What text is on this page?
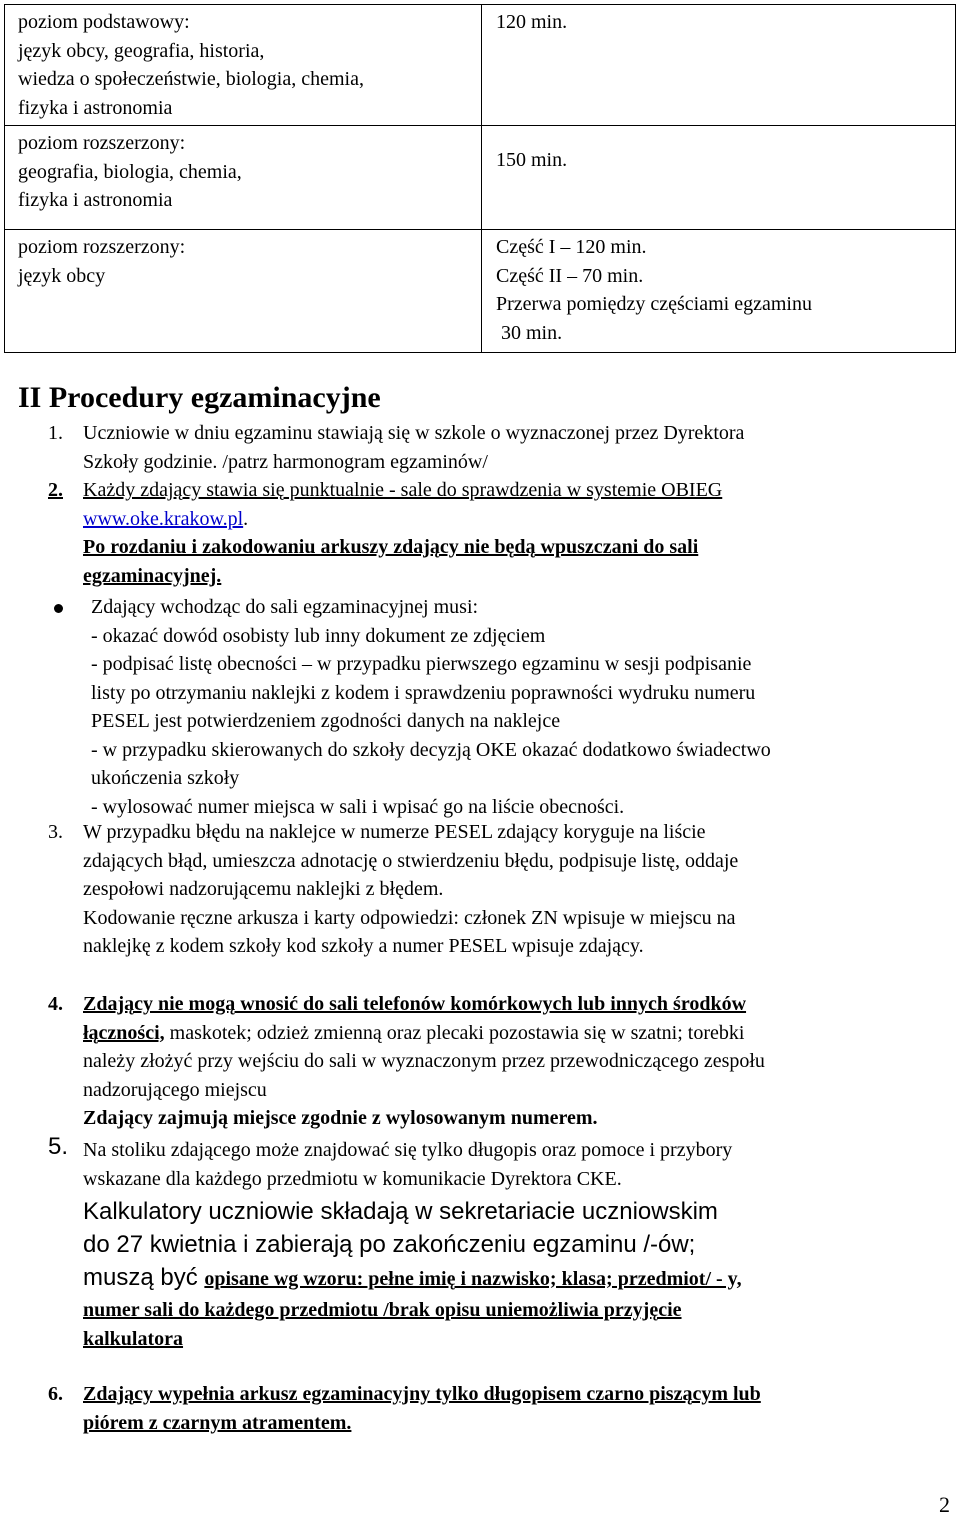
poziom podstawowy:
język obcy, geografia, historia,
wiedza o społeczeństwie, biologia, chemia,
fizyka i astronomia	120 min.

poziom rozszerzony:
geografia, biologia, chemia,
fizyka i astronomia	150 min.

poziom rozszerzony:
język obcy	Część I – 120 min.
Część II – 70 min.
Przerwa pomiędzy częściami egzaminu
30 min.
II Procedury egzaminacyjne
1. Uczniowie w dniu egzaminu stawiają się w szkole o wyznaczonej przez Dyrektora
Szkoły godzinie. /patrz harmonogram egzaminów/
2. Każdy zdający stawia się punktualnie - sale do sprawdzenia w systemie OBIEG
www.oke.krakow.pl.
Po rozdaniu i zakodowaniu arkuszy zdający nie będą wpuszczani do sali
egzaminacyjnej.
Zdający wchodząc do sali egzaminacyjnej musi:
- okazać dowód osobisty lub inny dokument ze zdjęciem
- podpisać listę obecności – w przypadku pierwszego egzaminu w sesji podpisanie
listy po otrzymaniu naklejki z kodem i sprawdzeniu poprawności wydruku numeru
PESEL jest potwierdzeniem zgodności danych na naklejce
- w przypadku skierowanych do szkoły decyzją OKE okazać dodatkowo świadectwo
ukończenia szkoły
- wylosować numer miejsca w sali i wpisać go na liście obecności.
3. W przypadku błędu na naklejce w numerze PESEL zdający koryguje na liście
zdających błąd, umieszcza adnotację o stwierdzeniu błędu, podpisuje listę, oddaje
zespołowi nadzorującemu naklejki z błędem.
Kodowanie ręczne arkusza i karty odpowiedzi: członek ZN wpisuje w miejscu na
naklejkę z kodem szkoły kod szkoły a numer PESEL wpisuje zdający.
4. Zdający nie mogą wnosić do sali telefonów komórkowych lub innych środków
łączności, maskotek; odzież zmienną oraz plecaki pozostawia się w szatni; torebki
należy złożyć przy wejściu do sali w wyznaczonym przez przewodniczącego zespołu
nadzorującego miejscu
Zdający zajmują miejsce zgodnie z wylosowanym numerem.
5. Na stoliku zdającego może znajdować się tylko długopis oraz pomoce i przybory
wskazane dla każdego przedmiotu w komunikacie Dyrektora CKE.
Kalkulatory uczniowie składają w sekretariacie uczniowskim
do 27 kwietnia i zabierają po zakończeniu egzaminu /-ów;
muszą być opisane wg wzoru: pełne imię i nazwisko; klasa; przedmiot/ - y,
numer sali do każdego przedmiotu /brak opisu uniemożliwia przyjęcie
kalkulatora
6. Zdający wypełnia arkusz egzaminacyjny tylko długopisem czarno piszącym lub
piórem z czarnym atramentem.
2
